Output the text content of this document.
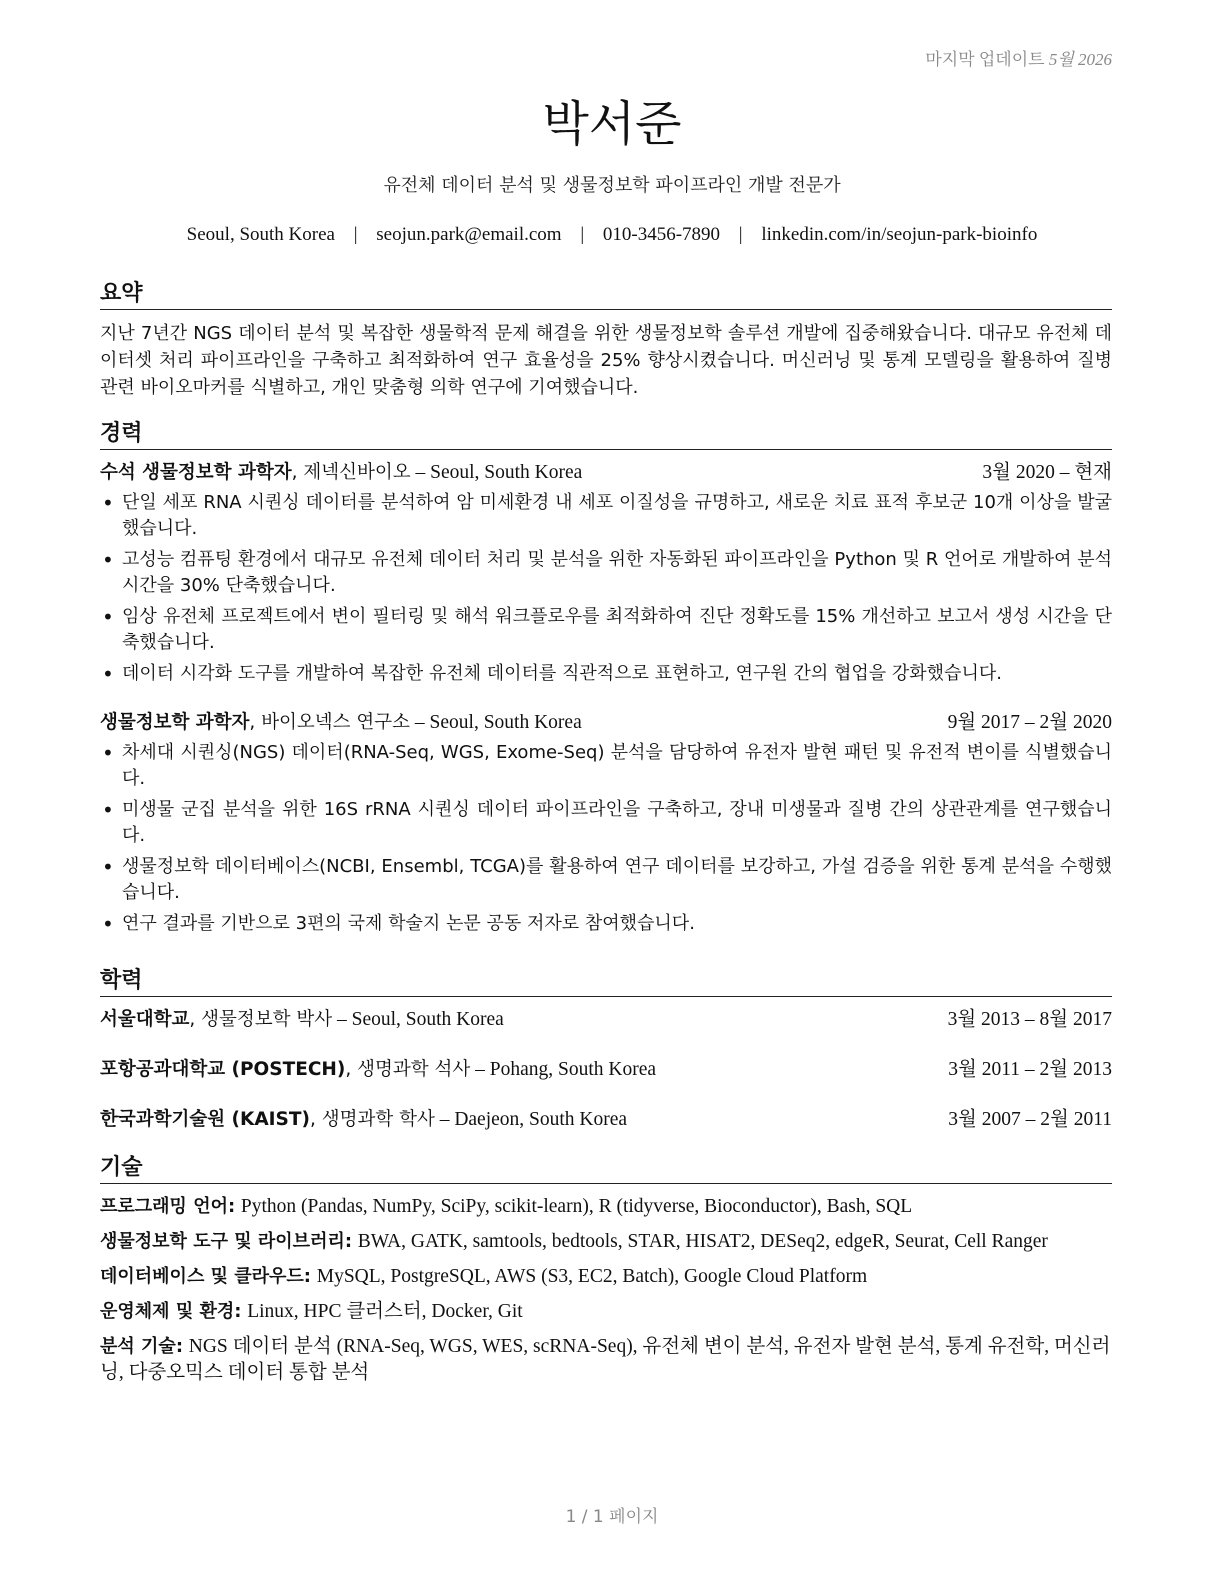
마지막 업데이트 5월 2026
박서준
유전체 데이터 분석 및 생물정보학 파이프라인 개발 전문가
Seoul, South Korea | seojun.park@email.com | 010-3456-7890 | linkedin.com/in/seojun-park-bioinfo
요약

지난 7년간 NGS 데이터 분석 및 복잡한 생물학적 문제 해결을 위한 생물정보학 솔루션 개발에 집중해왔습니다. 대규모 유전체 데이터셋 처리 파이프라인을 구축하고 최적화하여 연구 효율성을 25% 향상시켰습니다. 머신러닝 및 통계 모델링을 활용하여 질병 관련 바이오마커를 식별하고, 개인 맞춤형 의학 연구에 기여했습니다.

경력
수석 생물정보학 과학자, 제넥신바이오 – Seoul, South Korea	3월 2020 – 현재
• 단일 세포 RNA 시퀀싱 데이터를 분석하여 암 미세환경 내 세포 이질성을 규명하고, 새로운 치료 표적 후보군 10개 이상을 발굴했습니다.
• 고성능 컴퓨팅 환경에서 대규모 유전체 데이터 처리 및 분석을 위한 자동화된 파이프라인을 Python 및 R 언어로 개발하여 분석 시간을 30% 단축했습니다.
• 임상 유전체 프로젝트에서 변이 필터링 및 해석 워크플로우를 최적화하여 진단 정확도를 15% 개선하고 보고서 생성 시간을 단축했습니다.
• 데이터 시각화 도구를 개발하여 복잡한 유전체 데이터를 직관적으로 표현하고, 연구원 간의 협업을 강화했습니다.
생물정보학 과학자, 바이오넥스 연구소 – Seoul, South Korea	9월 2017 – 2월 2020
• 차세대 시퀀싱(NGS) 데이터(RNA-Seq, WGS, Exome-Seq) 분석을 담당하여 유전자 발현 패턴 및 유전적 변이를 식별했습니다.
• 미생물 군집 분석을 위한 16S rRNA 시퀀싱 데이터 파이프라인을 구축하고, 장내 미생물과 질병 간의 상관관계를 연구했습니다.
• 생물정보학 데이터베이스(NCBI, Ensembl, TCGA)를 활용하여 연구 데이터를 보강하고, 가설 검증을 위한 통계 분석을 수행했습니다.
• 연구 결과를 기반으로 3편의 국제 학술지 논문 공동 저자로 참여했습니다.
학력
서울대학교, 생물정보학 박사 – Seoul, South Korea	3월 2013 – 8월 2017
포항공과대학교 (POSTECH), 생명과학 석사 – Pohang, South Korea	3월 2011 – 2월 2013
한국과학기술원 (KAIST), 생명과학 학사 – Daejeon, South Korea	3월 2007 – 2월 2011
기술
프로그래밍 언어: Python (Pandas, NumPy, SciPy, scikit-learn), R (tidyverse, Bioconductor), Bash, SQL
생물정보학 도구 및 라이브러리: BWA, GATK, samtools, bedtools, STAR, HISAT2, DESeq2, edgeR, Seurat, Cell Ranger
데이터베이스 및 클라우드: MySQL, PostgreSQL, AWS (S3, EC2, Batch), Google Cloud Platform
운영체제 및 환경: Linux, HPC 클러스터, Docker, Git
분석 기술: NGS 데이터 분석 (RNA-Seq, WGS, WES, scRNA-Seq), 유전체 변이 분석, 유전자 발현 분석, 통계 유전학, 머신러닝, 다중오믹스 데이터 통합 분석
1 / 1 페이지
